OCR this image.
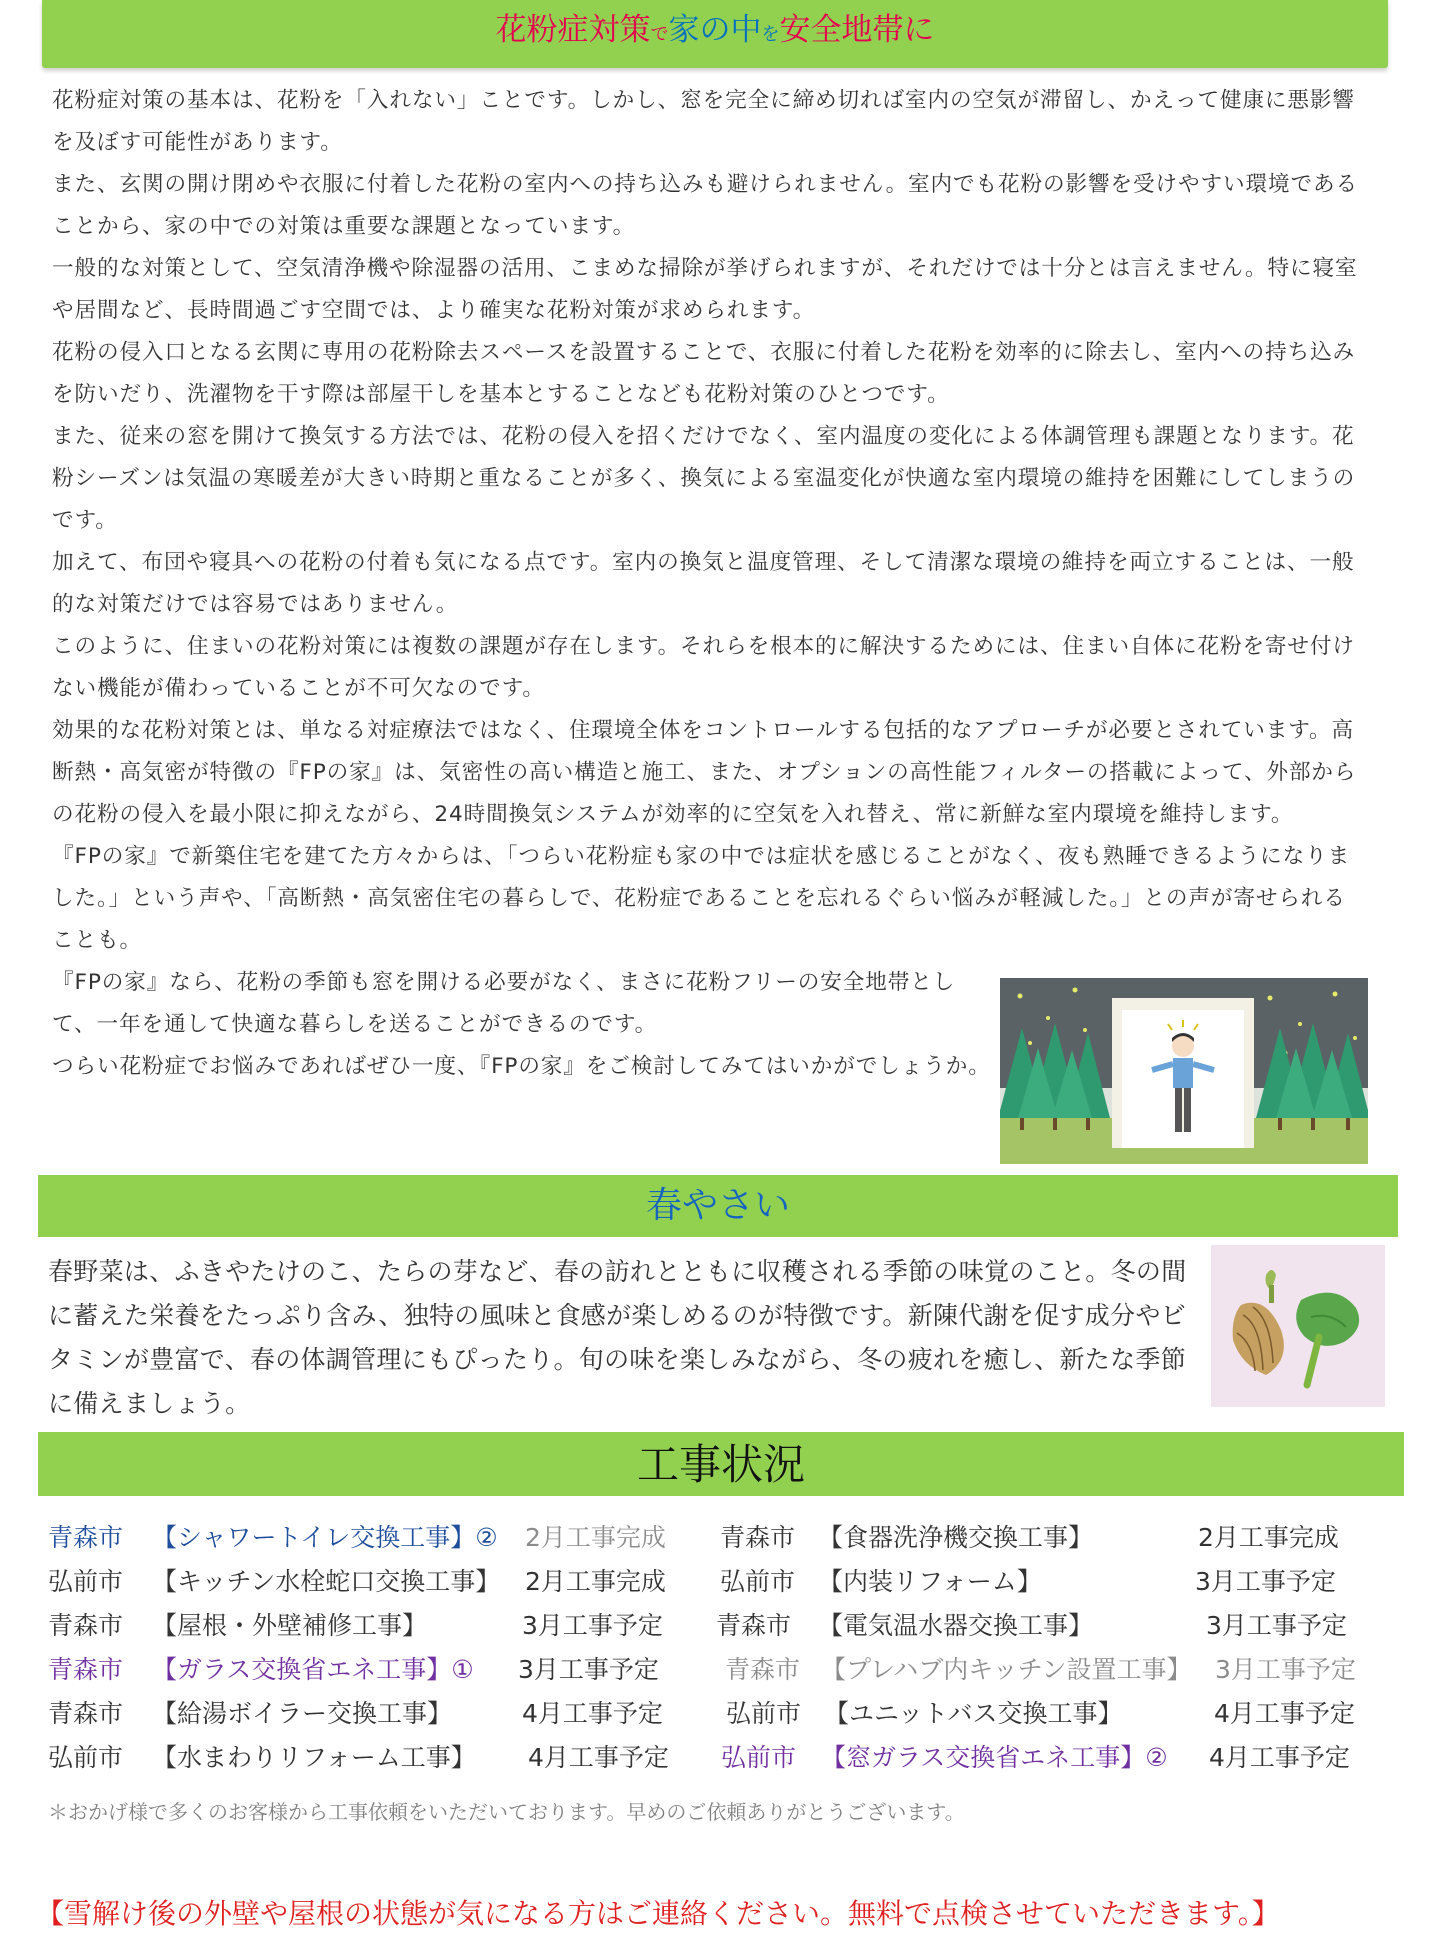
花粉症対策で家の中を安全地帯に

花粉症対策の基本は、花粉を「入れない」ことです。しかし、窓を完全に締め切れば室内の空気が滞留し、かえって健康に悪影響を及ぼす可能性があります。

また、玄関の開け閉めや衣服に付着した花粉の室内への持ち込みも避けられません。室内でも花粉の影響を受けやすい環境であることから、家の中での対策は重要な課題となっています。

一般的な対策として、空気清浄機や除湿器の活用、こまめな掃除が挙げられますが、それだけでは十分とは言えません。特に寝室や居間など、長時間過ごす空間では、より確実な花粉対策が求められます。

花粉の侵入口となる玄関に専用の花粉除去スペースを設置することで、衣服に付着した花粉を効率的に除去し、室内への持ち込みを防いだり、洗濯物を干す際は部屋干しを基本とすることなども花粉対策のひとつです。

また、従来の窓を開けて換気する方法では、花粉の侵入を招くだけでなく、室内温度の変化による体調管理も課題となります。花粉シーズンは気温の寒暖差が大きい時期と重なることが多く、換気による室温変化が快適な室内環境の維持を困難にしてしまうのです。

加えて、布団や寝具への花粉の付着も気になる点です。室内の換気と温度管理、そして清潔な環境の維持を両立することは、一般的な対策だけでは容易ではありません。

このように、住まいの花粉対策には複数の課題が存在します。それらを根本的に解決するためには、住まい自体に花粉を寄せ付けない機能が備わっていることが不可欠なのです。

効果的な花粉対策とは、単なる対症療法ではなく、住環境全体をコントロールする包括的なアプローチが必要とされています。高断熱・高気密が特徴の『FPの家』は、気密性の高い構造と施工、また、オプションの高性能フィルターの搭載によって、外部からの花粉の侵入を最小限に抑えながら、24時間換気システムが効率的に空気を入れ替え、常に新鮮な室内環境を維持します。

『FPの家』で新築住宅を建てた方々からは、「つらい花粉症も家の中では症状を感じることがなく、夜も熟睡できるようになりました。」という声や、「高断熱・高気密住宅の暮らしで、花粉症であることを忘れるぐらい悩みが軽減した。」との声が寄せられることも。

『FPの家』なら、花粉の季節も窓を開ける必要がなく、まさに花粉フリーの安全地帯として、一年を通して快適な暮らしを送ることができるのです。

つらい花粉症でお悩みであればぜひ一度、『FPの家』をご検討してみてはいかがでしょうか。

春やさい
春野菜は、ふきやたけのこ、たらの芽など、春の訪れとともに収穫される季節の味覚のこと。冬の間に蓄えた栄養をたっぷり含み、独特の風味と食感が楽しめるのが特徴です。新陳代謝を促す成分やビタミンが豊富で、春の体調管理にもぴったり。旬の味を楽しみながら、冬の疲れを癒し、新たな季節に備えましょう。
工事状況
青森市 【シャワートイレ交換工事】② 2月工事完成 青森市 【食器洗浄機交換工事】	2月工事完成
弘前市 【キッチン水栓蛇口交換工事】 2月工事完成 弘前市 【内装リフォーム】	3月工事予定
青森市 【屋根・外壁補修工事】	3月工事予定 青森市 【電気温水器交換工事】	3月工事予定
青森市 【ガラス交換省エネ工事】① 3月工事予定	青森市 【プレハブ内キッチン設置工事】 3月工事予定
青森市 【給湯ボイラー交換工事】	4月工事予定	弘前市 【ユニットバス交換工事】	4月工事予定
弘前市 【水まわりリフォーム工事】 4月工事予定 弘前市 【窓ガラス交換省エネ工事】② 4月工事予定
＊おかげ様で多くのお客様から工事依頼をいただいております。早めのご依頼ありがとうございます。
【雪解け後の外壁や屋根の状態が気になる方はご連絡ください。無料で点検させていただきます。】
